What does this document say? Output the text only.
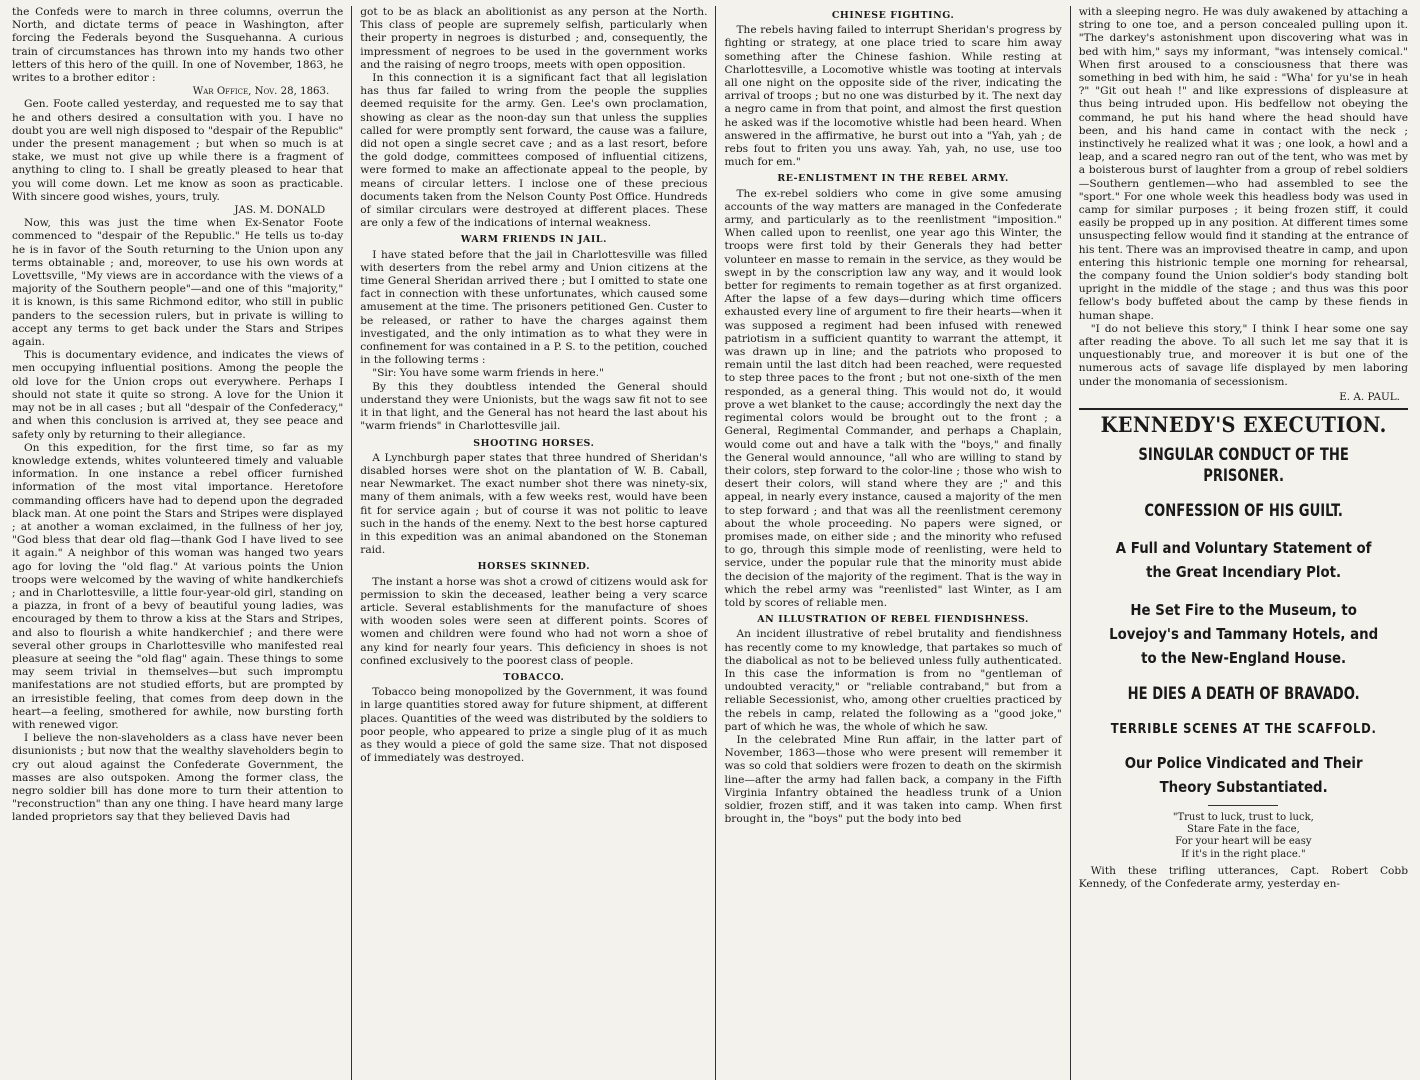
the Confeds were to march in three columns, overrun the North, and dictate terms of peace in Washington, after forcing the Federals beyond the Susquehanna. A curious train of circumstances has thrown into my hands two other letters of this hero of the quill. In one of November, 1863, he writes to a brother editor :

War Office, Nov. 28, 1863.

Gen. Foote called yesterday, and requested me to say that he and others desired a consultation with you. I have no doubt you are well nigh disposed to "despair of the Republic" under the present management ; but when so much is at stake, we must not give up while there is a fragment of anything to cling to. I shall be greatly pleased to hear that you will come down. Let me know as soon as practicable. With sincere good wishes, yours, truly.

JAS. M. DONALD

Now, this was just the time when Ex-Senator Foote commenced to "despair of the Republic." He tells us to-day he is in favor of the South returning to the Union upon any terms obtainable ; and, moreover, to use his own words at Lovettsville, "My views are in accordance with the views of a majority of the Southern people"—and one of this "majority," it is known, is this same Richmond editor, who still in public panders to the secession rulers, but in private is willing to accept any terms to get back under the Stars and Stripes again.

This is documentary evidence, and indicates the views of men occupying influential positions. Among the people the old love for the Union crops out everywhere. Perhaps I should not state it quite so strong. A love for the Union it may not be in all cases ; but all "despair of the Confederacy," and when this conclusion is arrived at, they see peace and safety only by returning to their allegiance.

On this expedition, for the first time, so far as my knowledge extends, whites volunteered timely and valuable information. In one instance a rebel officer furnished information of the most vital importance. Heretofore commanding officers have had to depend upon the degraded black man. At one point the Stars and Stripes were displayed ; at another a woman exclaimed, in the fullness of her joy, "God bless that dear old flag—thank God I have lived to see it again." A neighbor of this woman was hanged two years ago for loving the "old flag." At various points the Union troops were welcomed by the waving of white handkerchiefs ; and in Charlottesville, a little four-year-old girl, standing on a piazza, in front of a bevy of beautiful young ladies, was encouraged by them to throw a kiss at the Stars and Stripes, and also to flourish a white handkerchief ; and there were several other groups in Charlottesville who manifested real pleasure at seeing the "old flag" again. These things to some may seem trivial in themselves—but such impromptu manifestations are not studied efforts, but are prompted by an irresistible feeling, that comes from deep down in the heart—a feeling, smothered for awhile, now bursting forth with renewed vigor.

I believe the non-slaveholders as a class have never been disunionists ; but now that the wealthy slaveholders begin to cry out aloud against the Confederate Government, the masses are also outspoken. Among the former class, the negro soldier bill has done more to turn their attention to "reconstruction" than any one thing. I have heard many large landed proprietors say that they believed Davis had

got to be as black an abolitionist as any person at the North. This class of people are supremely selfish, particularly when their property in negroes is disturbed ; and, consequently, the impressment of negroes to be used in the government works and the raising of negro troops, meets with open opposition.

In this connection it is a significant fact that all legislation has thus far failed to wring from the people the supplies deemed requisite for the army. Gen. Lee's own proclamation, showing as clear as the noon-day sun that unless the supplies called for were promptly sent forward, the cause was a failure, did not open a single secret cave ; and as a last resort, before the gold dodge, committees composed of influential citizens, were formed to make an affectionate appeal to the people, by means of circular letters. I inclose one of these precious documents taken from the Nelson County Post Office. Hundreds of similar circulars were destroyed at different places. These are only a few of the indications of internal weakness.

WARM FRIENDS IN JAIL.

I have stated before that the jail in Charlottesville was filled with deserters from the rebel army and Union citizens at the time General Sheridan arrived there ; but I omitted to state one fact in connection with these unfortunates, which caused some amusement at the time. The prisoners petitioned Gen. Custer to be released, or rather to have the charges against them investigated, and the only intimation as to what they were in confinement for was contained in a P. S. to the petition, couched in the following terms :

"Sir: You have some warm friends in here."

By this they doubtless intended the General should understand they were Unionists, but the wags saw fit not to see it in that light, and the General has not heard the last about his "warm friends" in Charlottesville jail.

SHOOTING HORSES.

A Lynchburgh paper states that three hundred of Sheridan's disabled horses were shot on the plantation of W. B. Caball, near Newmarket. The exact number shot there was ninety-six, many of them animals, with a few weeks rest, would have been fit for service again ; but of course it was not politic to leave such in the hands of the enemy. Next to the best horse captured in this expedition was an animal abandoned on the Stoneman raid.

HORSES SKINNED.

The instant a horse was shot a crowd of citizens would ask for permission to skin the deceased, leather being a very scarce article. Several establishments for the manufacture of shoes with wooden soles were seen at different points. Scores of women and children were found who had not worn a shoe of any kind for nearly four years. This deficiency in shoes is not confined exclusively to the poorest class of people.

TOBACCO.

Tobacco being monopolized by the Government, it was found in large quantities stored away for future shipment, at different places. Quantities of the weed was distributed by the soldiers to poor people, who appeared to prize a single plug of it as much as they would a piece of gold the same size. That not disposed of immediately was destroyed.

CHINESE FIGHTING.

The rebels having failed to interrupt Sheridan's progress by fighting or strategy, at one place tried to scare him away something after the Chinese fashion. While resting at Charlottesville, a Locomotive whistle was tooting at intervals all one night on the opposite side of the river, indicating the arrival of troops ; but no one was disturbed by it. The next day a negro came in from that point, and almost the first question he asked was if the locomotive whistle had been heard. When answered in the affirmative, he burst out into a "Yah, yah ; de rebs fout to friten you uns away. Yah, yah, no use, use too much for em."

RE-ENLISTMENT IN THE REBEL ARMY.

The ex-rebel soldiers who come in give some amusing accounts of the way matters are managed in the Confederate army, and particularly as to the reenlistment "imposition." When called upon to reenlist, one year ago this Winter, the troops were first told by their Generals they had better volunteer en masse to remain in the service, as they would be swept in by the conscription law any way, and it would look better for regiments to remain together as at first organized. After the lapse of a few days—during which time officers exhausted every line of argument to fire their hearts—when it was supposed a regiment had been infused with renewed patriotism in a sufficient quantity to warrant the attempt, it was drawn up in line; and the patriots who proposed to remain until the last ditch had been reached, were requested to step three paces to the front ; but not one-sixth of the men responded, as a general thing. This would not do, it would prove a wet blanket to the cause; accordingly the next day the regimental colors would be brought out to the front ; a General, Regimental Commander, and perhaps a Chaplain, would come out and have a talk with the "boys," and finally the General would announce, "all who are willing to stand by their colors, step forward to the color-line ; those who wish to desert their colors, will stand where they are ;" and this appeal, in nearly every instance, caused a majority of the men to step forward ; and that was all the reenlistment ceremony about the whole proceeding. No papers were signed, or promises made, on either side ; and the minority who refused to go, through this simple mode of reenlisting, were held to service, under the popular rule that the minority must abide the decision of the majority of the regiment. That is the way in which the rebel army was "reenlisted" last Winter, as I am told by scores of reliable men.

AN ILLUSTRATION OF REBEL FIENDISHNESS.

An incident illustrative of rebel brutality and fiendishness has recently come to my knowledge, that partakes so much of the diabolical as not to be believed unless fully authenticated. In this case the information is from no "gentleman of undoubted veracity," or "reliable contraband," but from a reliable Secessionist, who, among other cruelties practiced by the rebels in camp, related the following as a "good joke," part of which he was, the whole of which he saw.

In the celebrated Mine Run affair, in the latter part of November, 1863—those who were present will remember it was so cold that soldiers were frozen to death on the skirmish line—after the army had fallen back, a company in the Fifth Virginia Infantry obtained the headless trunk of a Union soldier, frozen stiff, and it was taken into camp. When first brought in, the "boys" put the body into bed

with a sleeping negro. He was duly awakened by attaching a string to one toe, and a person concealed pulling upon it. "The darkey's astonishment upon discovering what was in bed with him," says my informant, "was intensely comical." When first aroused to a consciousness that there was something in bed with him, he said : "Wha' for yu'se in heah ?" "Git out heah !" and like expressions of displeasure at thus being intruded upon. His bedfellow not obeying the command, he put his hand where the head should have been, and his hand came in contact with the neck ; instinctively he realized what it was ; one look, a howl and a leap, and a scared negro ran out of the tent, who was met by a boisterous burst of laughter from a group of rebel soldiers—Southern gentlemen—who had assembled to see the "sport." For one whole week this headless body was used in camp for similar purposes ; it being frozen stiff, it could easily be propped up in any position. At different times some unsuspecting fellow would find it standing at the entrance of his tent. There was an improvised theatre in camp, and upon entering this histrionic temple one morning for rehearsal, the company found the Union soldier's body standing bolt upright in the middle of the stage ; and thus was this poor fellow's body buffeted about the camp by these fiends in human shape.

"I do not believe this story," I think I hear some one say after reading the above. To all such let me say that it is unquestionably true, and moreover it is but one of the numerous acts of savage life displayed by men laboring under the monomania of secessionism.

E. A. PAUL.
KENNEDY'S EXECUTION.
SINGULAR CONDUCT OF THE PRISONER.
CONFESSION OF HIS GUILT.
A Full and Voluntary Statement of the Great Incendiary Plot.
He Set Fire to the Museum, to Lovejoy's and Tammany Hotels, and to the New-England House.
HE DIES A DEATH OF BRAVADO.
TERRIBLE SCENES AT THE SCAFFOLD.
Our Police Vindicated and Their Theory Substantiated.
"Trust to luck, trust to luck,
Stare Fate in the face,
For your heart will be easy
If it's in the right place."

With these trifling utterances, Capt. Robert Cobb Kennedy, of the Confederate army, yesterday en-
